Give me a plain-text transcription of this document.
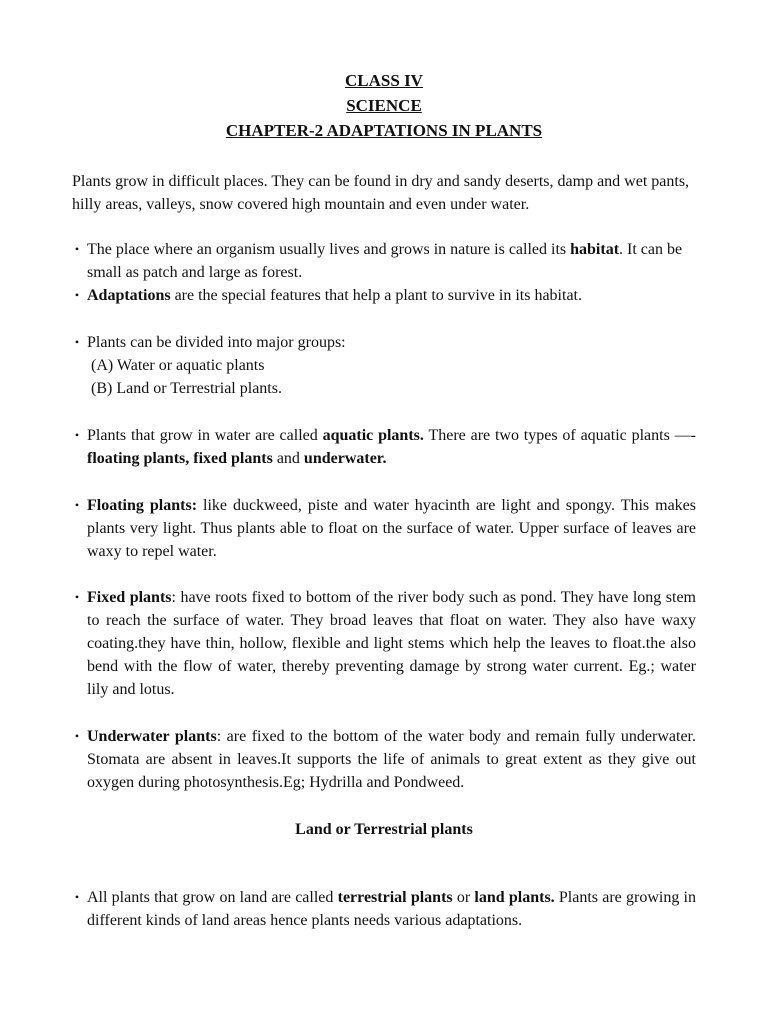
CLASS IV
SCIENCE
CHAPTER-2 ADAPTATIONS IN PLANTS
Plants grow in difficult places. They can be found in dry and sandy deserts, damp and wet pants, hilly areas, valleys, snow covered high mountain and even under water.
• The place where an organism usually lives and grows in nature is called its habitat. It can be small as patch and large as forest.
• Adaptations are the special features that help a plant to survive in its habitat.
• Plants can be divided into major groups:
(A) Water or aquatic plants
(B) Land or Terrestrial plants.
• Plants that grow in water are called aquatic plants. There are two types of aquatic plants —- floating plants, fixed plants and underwater.
• Floating plants: like duckweed, piste and water hyacinth are light and spongy. This makes plants very light. Thus plants able to float on the surface of water. Upper surface of leaves are waxy to repel water.
• Fixed plants: have roots fixed to bottom of the river body such as pond. They have long stem to reach the surface of water. They broad leaves that float on water. They also have waxy coating.they have thin, hollow, flexible and light stems which help the leaves to float.the also bend with the flow of water, thereby preventing damage by strong water current. Eg.; water lily and lotus.
• Underwater plants: are fixed to the bottom of the water body and remain fully underwater. Stomata are absent in leaves.It supports the life of animals to great extent as they give out oxygen during photosynthesis.Eg; Hydrilla and Pondweed.
Land or Terrestrial plants
• All plants that grow on land are called terrestrial plants or land plants. Plants are growing in different kinds of land areas hence plants needs various adaptations.
